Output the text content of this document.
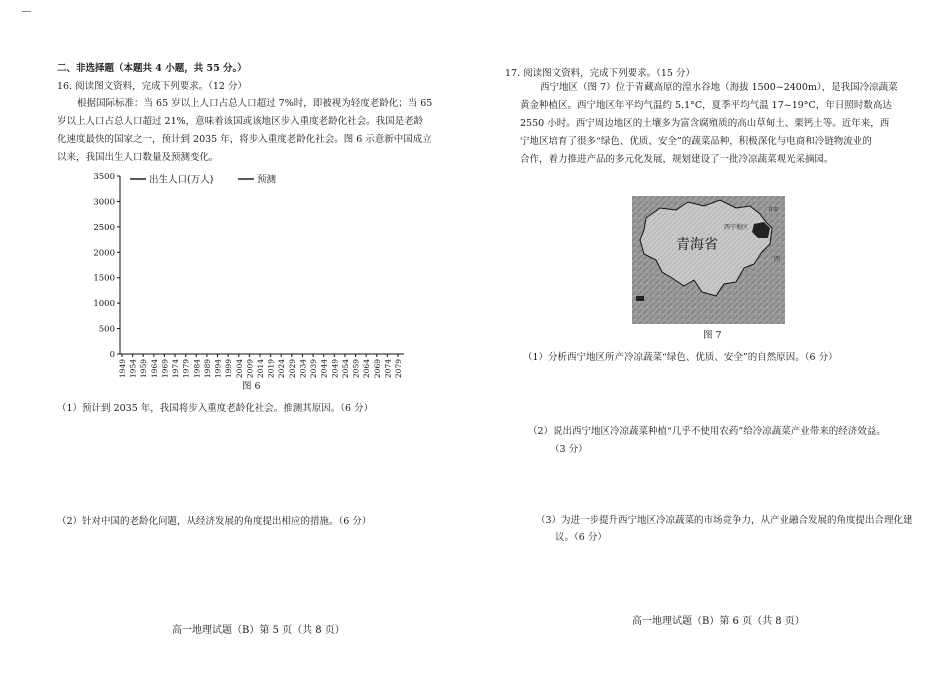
二、非选择题（本题共 4 小题，共 55 分。）
16. 阅读图文资料，完成下列要求。（12 分）
根据国际标准：当 65 岁以上人口占总人口超过 7%时，即被视为轻度老龄化；当 65
岁以上人口占总人口超过 21%，意味着该国或该地区步入重度老龄化社会。我国是老龄
化速度最快的国家之一，预计到 2035 年，将步入重度老龄化社会。图 6 示意新中国成立
以来，我国出生人口数量及预测变化。
0
500
1000
1500
2000
2500
3000
3500
1949 1954 1959 1964 1969 1974 1979 1984 1989 1994 1999 2004 2009 2014 2019 2024 2029 2034 2039 2044 2049 2054 2059 2064 2069 2074 2079
出生人口(万人)	预测
图 6
（1）预计到 2035 年，我国将步入重度老龄化社会。推测其原因。（6 分）
（2）针对中国的老龄化问题，从经济发展的角度提出相应的措施。（6 分）
高一地理试题（B）第 5 页（共 8 页）
17. 阅读图文资料，完成下列要求。（15 分）
西宁地区（图 7）位于青藏高原的湟水谷地（海拔 1500~2400m），是我国冷凉蔬菜
黄金种植区。西宁地区年平均气温约 5.1°C，夏季平均气温 17~19°C，年日照时数高达
2550 小时。西宁周边地区的土壤多为富含腐殖质的高山草甸土、栗钙土等。近年来，西
宁地区培育了很多“绿色、优质、安全”的蔬菜品种，积极深化与电商和冷链物流业的
合作，着力推进产品的多元化发展，规划建设了一批冷凉蔬菜观光采摘园。
青海省
西宁地区
甘肃
四
图 7
（1）分析西宁地区所产冷凉蔬菜“绿色、优质、安全”的自然原因。（6 分）
（2）说出西宁地区冷凉蔬菜种植“几乎不使用农药”给冷凉蔬菜产业带来的经济效益。
（3 分）
（3）为进一步提升西宁地区冷凉蔬菜的市场竞争力，从产业融合发展的角度提出合理化建
议。（6 分）
高一地理试题（B）第 6 页（共 8 页）
